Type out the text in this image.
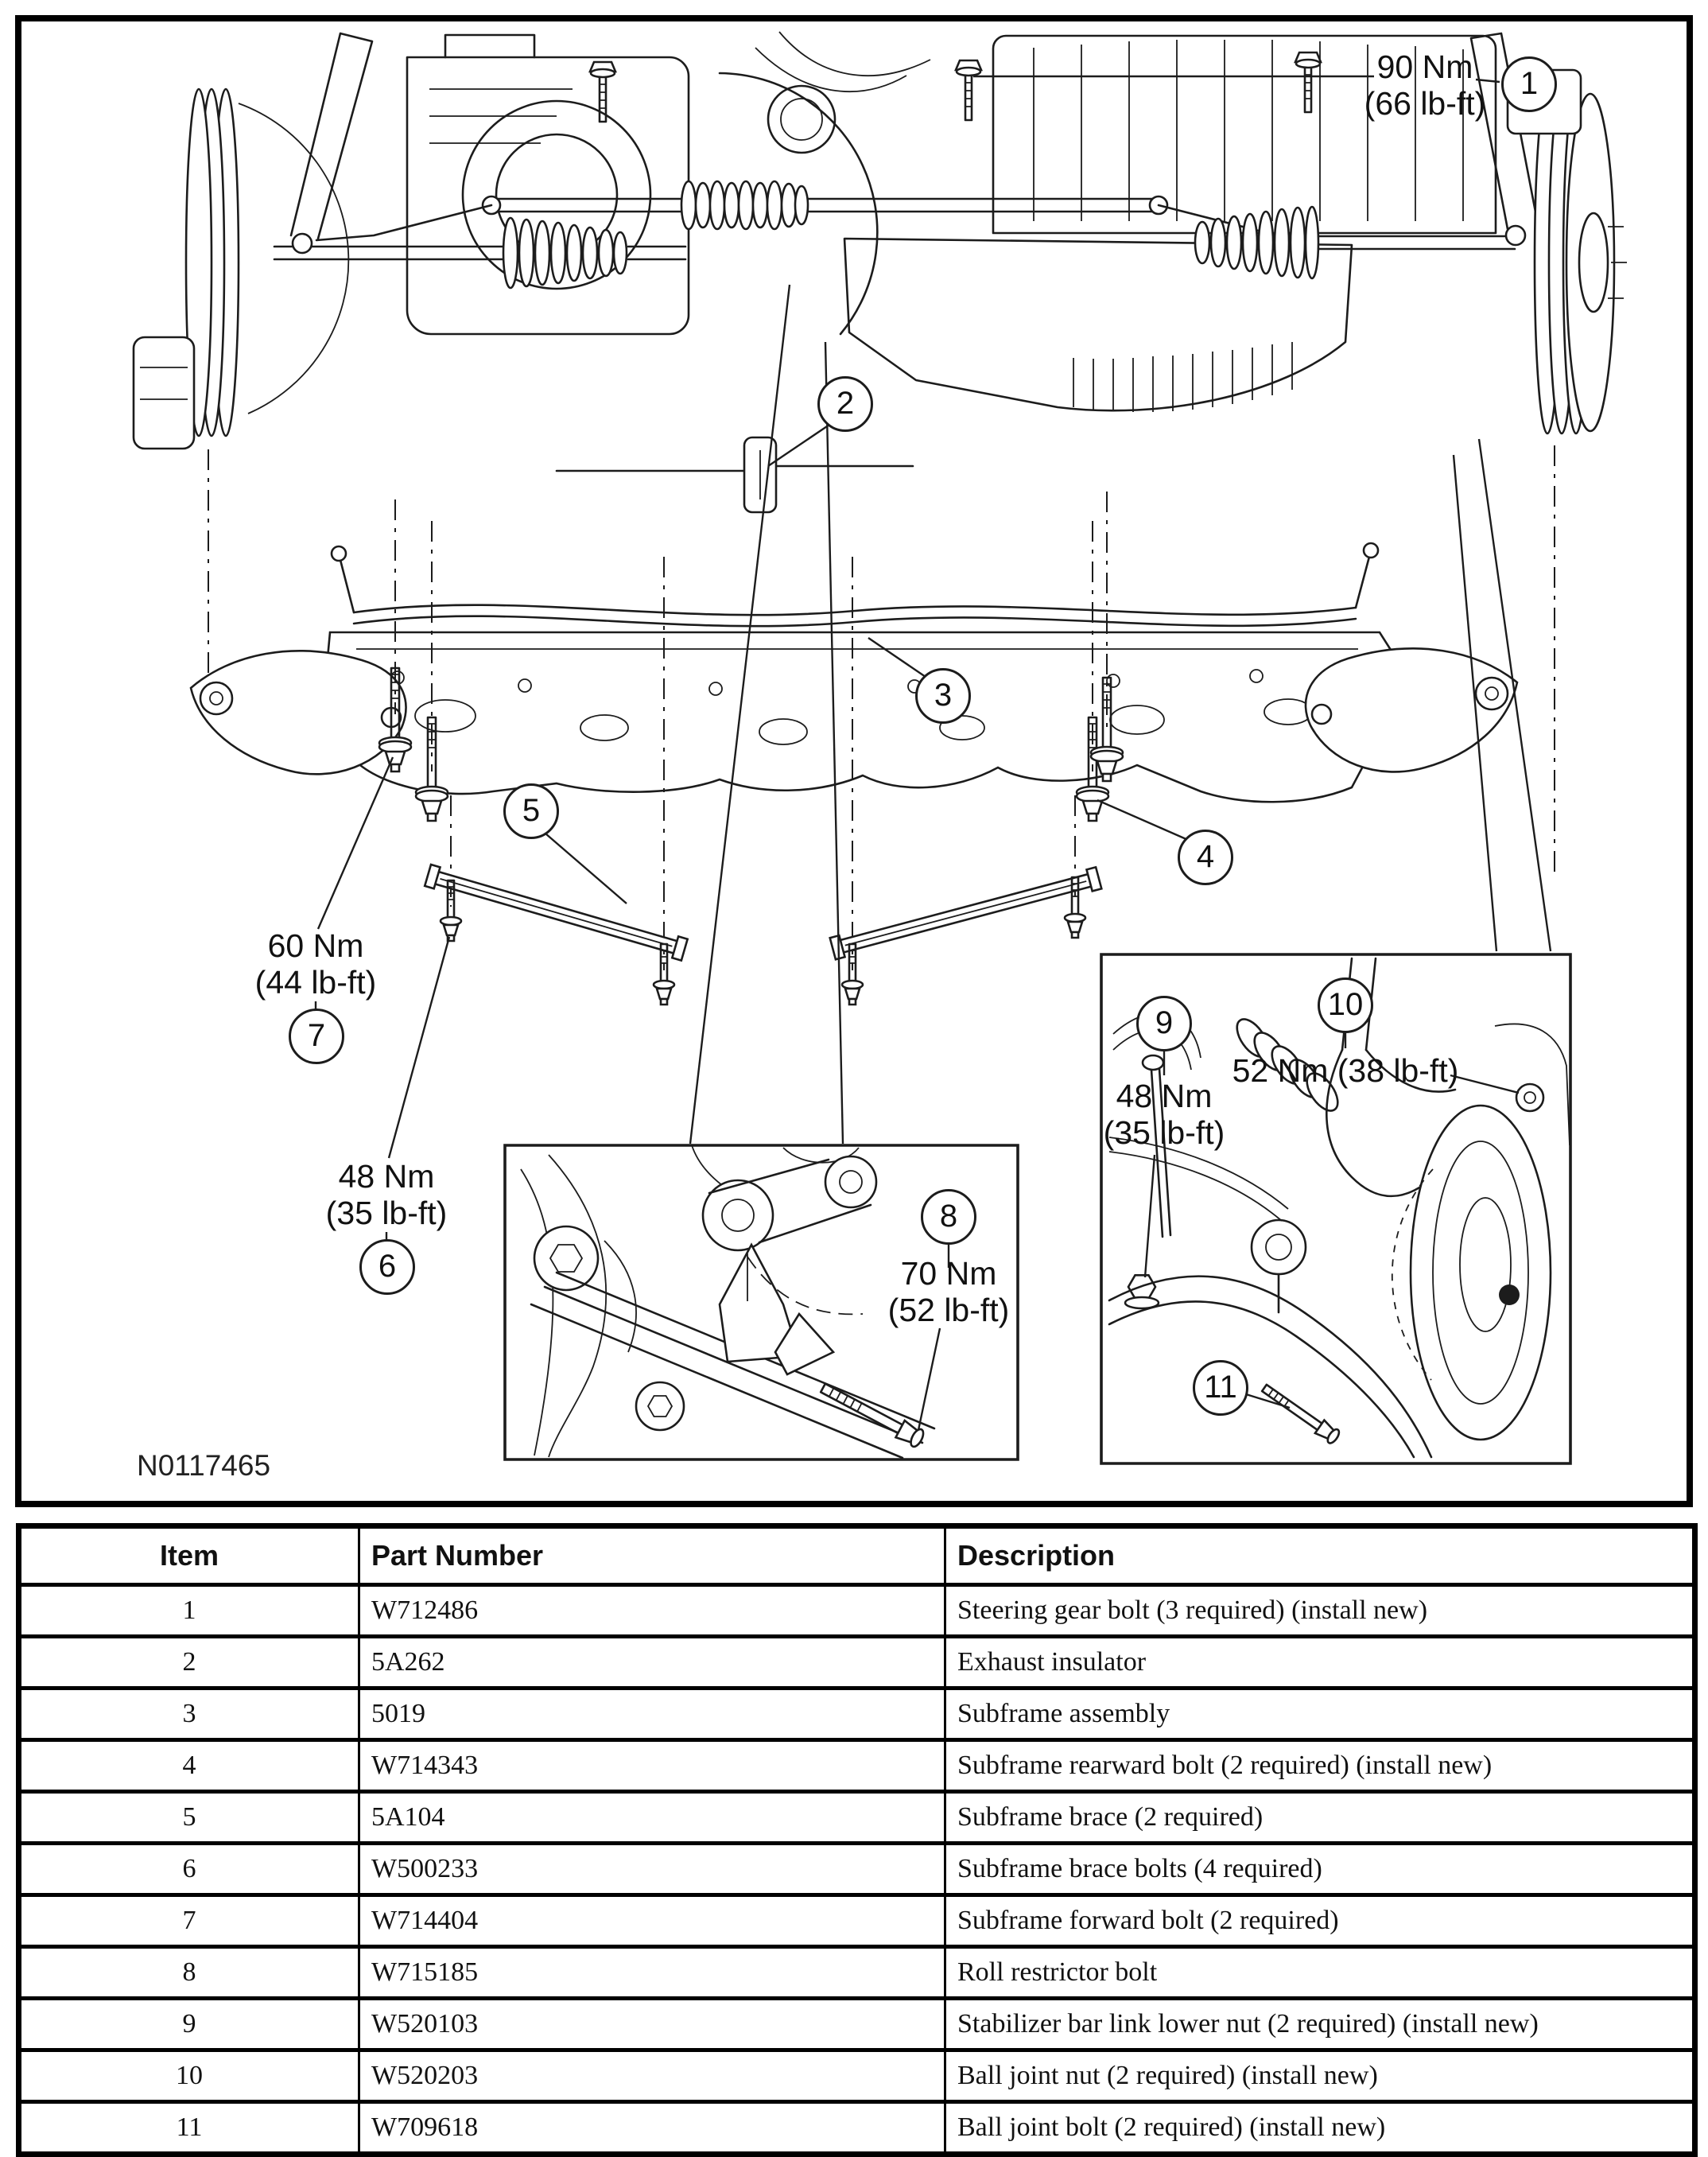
90 Nm
(66 lb-ft)
60 Nm
(44 lb-ft)
48 Nm
(35 lb-ft)
70 Nm
(52 lb-ft)
48 Nm
(35 lb-ft)
52 Nm (38 lb-ft)
1
2
3
4
5
6
7
8
9
10
11
N0117465
Item	Part Number	Description
1	W712486	Steering gear bolt (3 required) (install new)
2	5A262	Exhaust insulator
3	5019	Subframe assembly
4	W714343	Subframe rearward bolt (2 required) (install new)
5	5A104	Subframe brace (2 required)
6	W500233	Subframe brace bolts (4 required)
7	W714404	Subframe forward bolt (2 required)
8	W715185	Roll restrictor bolt
9	W520103	Stabilizer bar link lower nut (2 required) (install new)
10	W520203	Ball joint nut (2 required) (install new)
11	W709618	Ball joint bolt (2 required) (install new)
